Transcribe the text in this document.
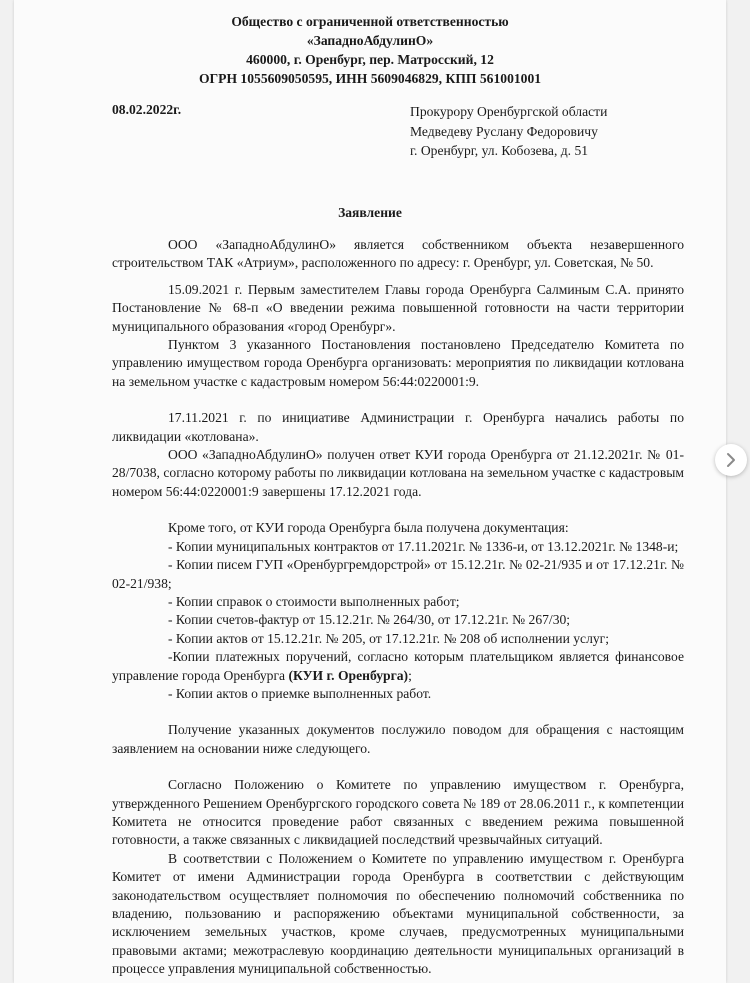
Общество с ограниченной ответственностью
«ЗападноАбдулинО»
460000, г. Оренбург, пер. Матросский, 12
ОГРН 1055609050595, ИНН 5609046829, КПП 561001001
08.02.2022г.	Прокурору Оренбургской области
Медведеву Руслану Федоровичу
г. Оренбург, ул. Кобозева, д. 51
Заявление

ООО «ЗападноАбдулинО» является собственником объекта незавершенного строительством ТАК «Атриум», расположенного по адресу: г. Оренбург, ул. Советская, № 50.

15.09.2021 г. Первым заместителем Главы города Оренбурга Салминым С.А. принято Постановление № 68-п «О введении режима повышенной готовности на части территории муниципального образования «город Оренбург».

Пунктом 3 указанного Постановления постановлено Председателю Комитета по управлению имуществом города Оренбурга организовать: мероприятия по ликвидации котлована на земельном участке с кадастровым номером 56:44:0220001:9.

17.11.2021 г. по инициативе Администрации г. Оренбурга начались работы по ликвидации «котлована».

ООО «ЗападноАбдулинО» получен ответ КУИ города Оренбурга от 21.12.2021г. № 01-28/7038, согласно которому работы по ликвидации котлована на земельном участке с кадастровым номером 56:44:0220001:9 завершены 17.12.2021 года.

Кроме того, от КУИ города Оренбурга была получена документация:

- Копии муниципальных контрактов от 17.11.2021г. № 1336-и, от 13.12.2021г. № 1348-и;

- Копии писем ГУП «Оренбургремдорстрой» от 15.12.21г. № 02-21/935 и от 17.12.21г. № 02-21/938;

- Копии справок о стоимости выполненных работ;

- Копии счетов-фактур от 15.12.21г. № 264/30, от 17.12.21г. № 267/30;

- Копии актов от 15.12.21г. № 205, от 17.12.21г. № 208 об исполнении услуг;

-Копии платежных поручений, согласно которым плательщиком является финансовое управление города Оренбурга (КУИ г. Оренбурга);

- Копии актов о приемке выполненных работ.

Получение указанных документов послужило поводом для обращения с настоящим заявлением на основании ниже следующего.

Согласно Положению о Комитете по управлению имуществом г. Оренбурга, утвержденного Решением Оренбургского городского совета № 189 от 28.06.2011 г., к компетенции Комитета не относится проведение работ связанных с введением режима повышенной готовности, а также связанных с ликвидацией последствий чрезвычайных ситуаций.

В соответствии с Положением о Комитете по управлению имуществом г. Оренбурга Комитет от имени Администрации города Оренбурга в соответствии с действующим законодательством осуществляет полномочия по обеспечению полномочий собственника по владению, пользованию и распоряжению объектами муниципальной собственности, за исключением земельных участков, кроме случаев, предусмотренных муниципальными правовыми актами; межотраслевую координацию деятельности муниципальных организаций в процессе управления муниципальной собственностью.
